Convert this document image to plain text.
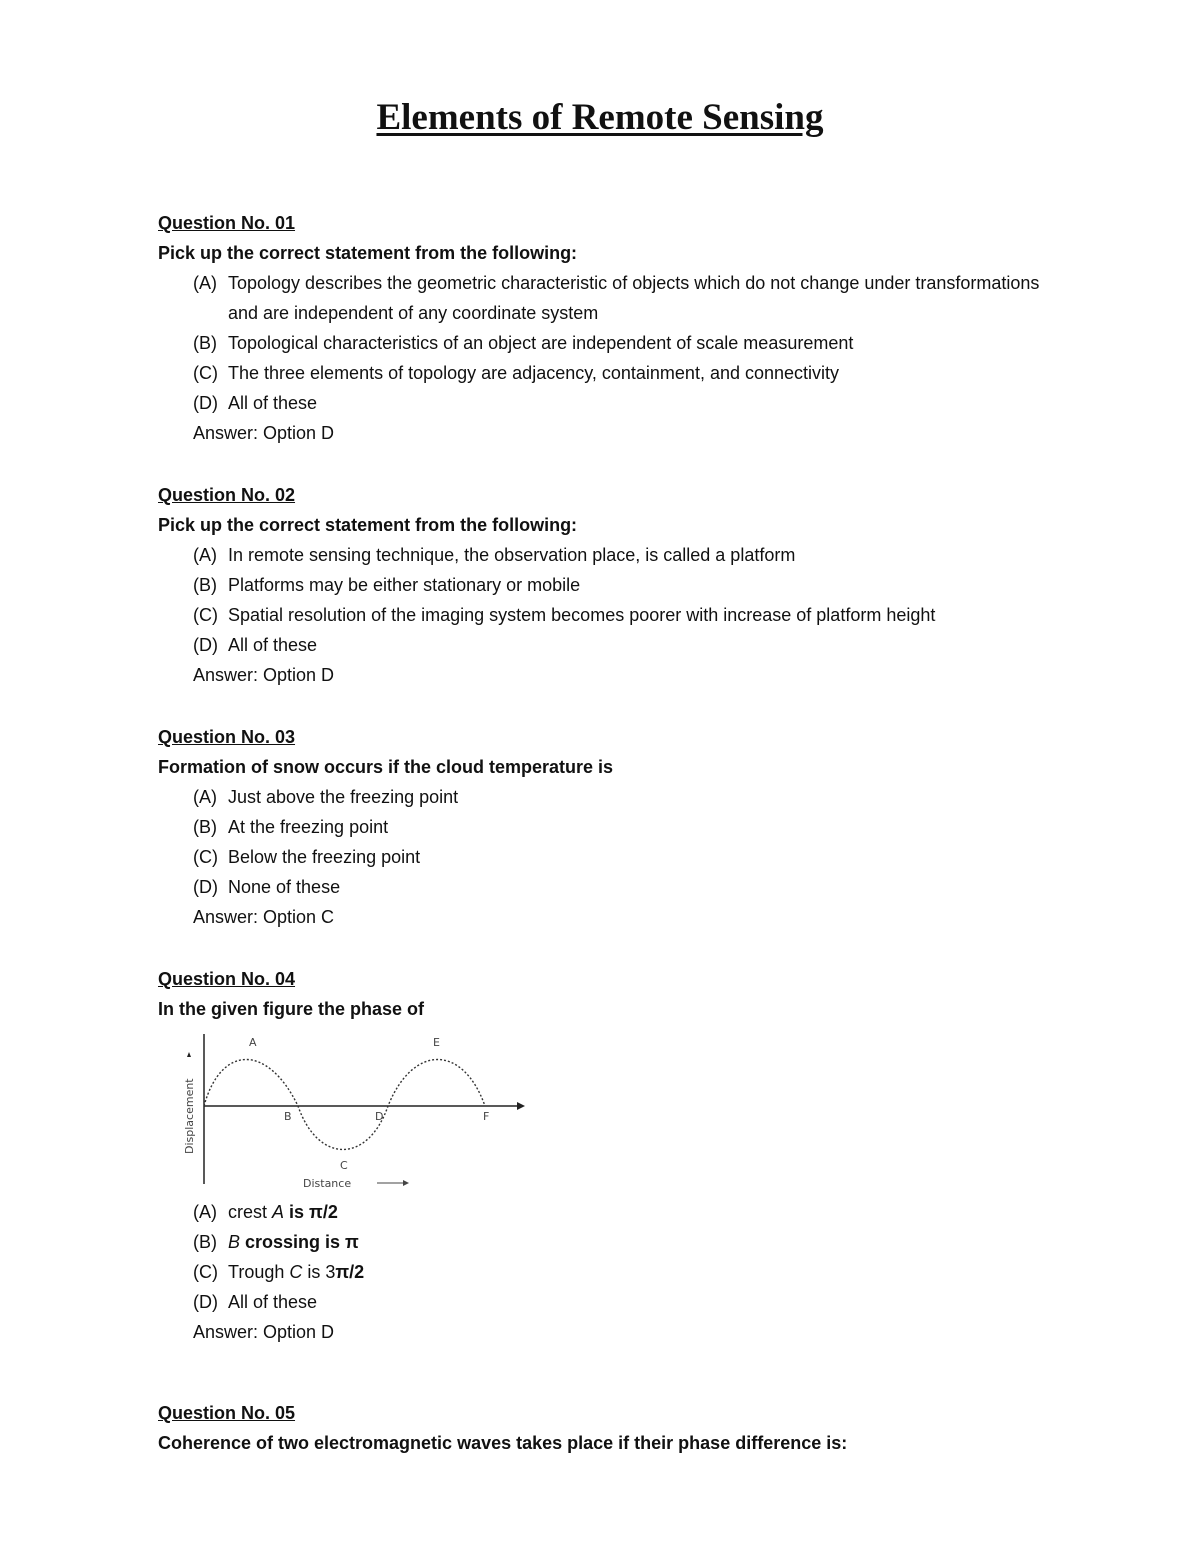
Elements of Remote Sensing
Question No. 01
Pick up the correct statement from the following:
(A) Topology describes the geometric characteristic of objects which do not change under transformations and are independent of any coordinate system
(B) Topological characteristics of an object are independent of scale measurement
(C) The three elements of topology are adjacency, containment, and connectivity
(D) All of these
Answer: Option D
Question No. 02
Pick up the correct statement from the following:
(A) In remote sensing technique, the observation place, is called a platform
(B) Platforms may be either stationary or mobile
(C) Spatial resolution of the imaging system becomes poorer with increase of platform height
(D) All of these
Answer: Option D
Question No. 03
Formation of snow occurs if the cloud temperature is
(A) Just above the freezing point
(B) At the freezing point
(C) Below the freezing point
(D) None of these
Answer: Option C
Question No. 04
In the given figure the phase of
A
B
C
D
E
F
Displacement
Distance
(A) crest A is π/2
(B) B crossing is π
(C) Trough C is 3π/2
(D) All of these
Answer: Option D
Question No. 05
Coherence of two electromagnetic waves takes place if their phase difference is:
